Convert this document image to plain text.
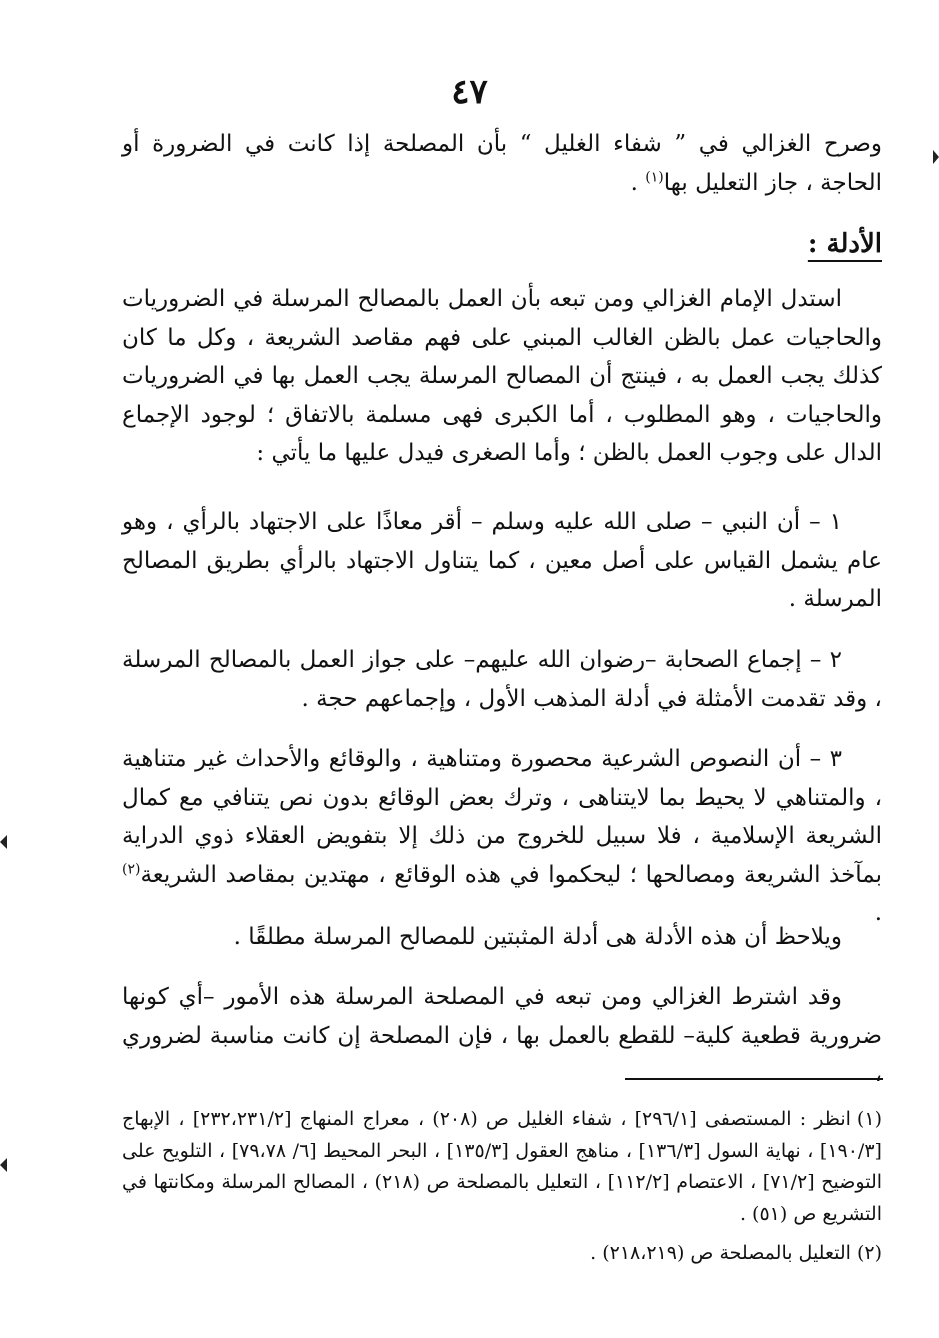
٤٧
وصرح الغزالي في ” شفاء الغليل “ بأن المصلحة إذا كانت في الضرورة أو الحاجة ، جاز التعليل بها$^{(١)}$ .
الأدلة :
استدل الإمام الغزالي ومن تبعه بأن العمل بالمصالح المرسلة في الضروريات والحاجيات عمل بالظن الغالب المبني على فهم مقاصد الشريعة ، وكل ما كان كذلك يجب العمل به ، فينتج أن المصالح المرسلة يجب العمل بها في الضروريات والحاجيات ، وهو المطلوب ، أما الكبرى فهى مسلمة بالاتفاق ؛ لوجود الإجماع الدال على وجوب العمل بالظن ؛ وأما الصغرى فيدل عليها ما يأتي :
١ – أن النبي – صلى الله عليه وسلم – أقر معاذًا على الاجتهاد بالرأي ، وهو عام يشمل القياس على أصل معين ، كما يتناول الاجتهاد بالرأي بطريق المصالح المرسلة .
٢ – إجماع الصحابة –رضوان الله عليهم– على جواز العمل بالمصالح المرسلة ، وقد تقدمت الأمثلة في أدلة المذهب الأول ، وإجماعهم حجة .
٣ – أن النصوص الشرعية محصورة ومتناهية ، والوقائع والأحداث غير متناهية ، والمتناهي لا يحيط بما لايتناهى ، وترك بعض الوقائع بدون نص يتنافي مع كمال الشريعة الإسلامية ، فلا سبيل للخروج من ذلك إلا بتفويض العقلاء ذوي الدراية بمآخذ الشريعة ومصالحها ؛ ليحكموا في هذه الوقائع ، مهتدين بمقاصد الشريعة$^{(٢)}$ .
ويلاحظ أن هذه الأدلة هى أدلة المثبتين للمصالح المرسلة مطلقًا .
وقد اشترط الغزالي ومن تبعه في المصلحة المرسلة هذه الأمور –أي كونها ضرورية قطعية كلية– للقطع بالعمل بها ، فإن المصلحة إن كانت مناسبة لضروري ،
(١)انظر : المستصفى [٢٩٦/١] ، شفاء الغليل ص (٢٠٨) ، معراج المنهاج [٢٣٢،٢٣١/٢] ، الإبهاج [١٩٠/٣] ، نهاية السول [١٣٦/٣] ، مناهج العقول [١٣٥/٣] ، البحر المحيط [٦/ ٧٩،٧٨] ، التلويح على التوضيح [٧١/٢] ، الاعتصام [١١٢/٢] ، التعليل بالمصلحة ص (٢١٨) ، المصالح المرسلة ومكانتها في التشريع ص (٥١) .
(٢)التعليل بالمصلحة ص (٢١٨،٢١٩) .
